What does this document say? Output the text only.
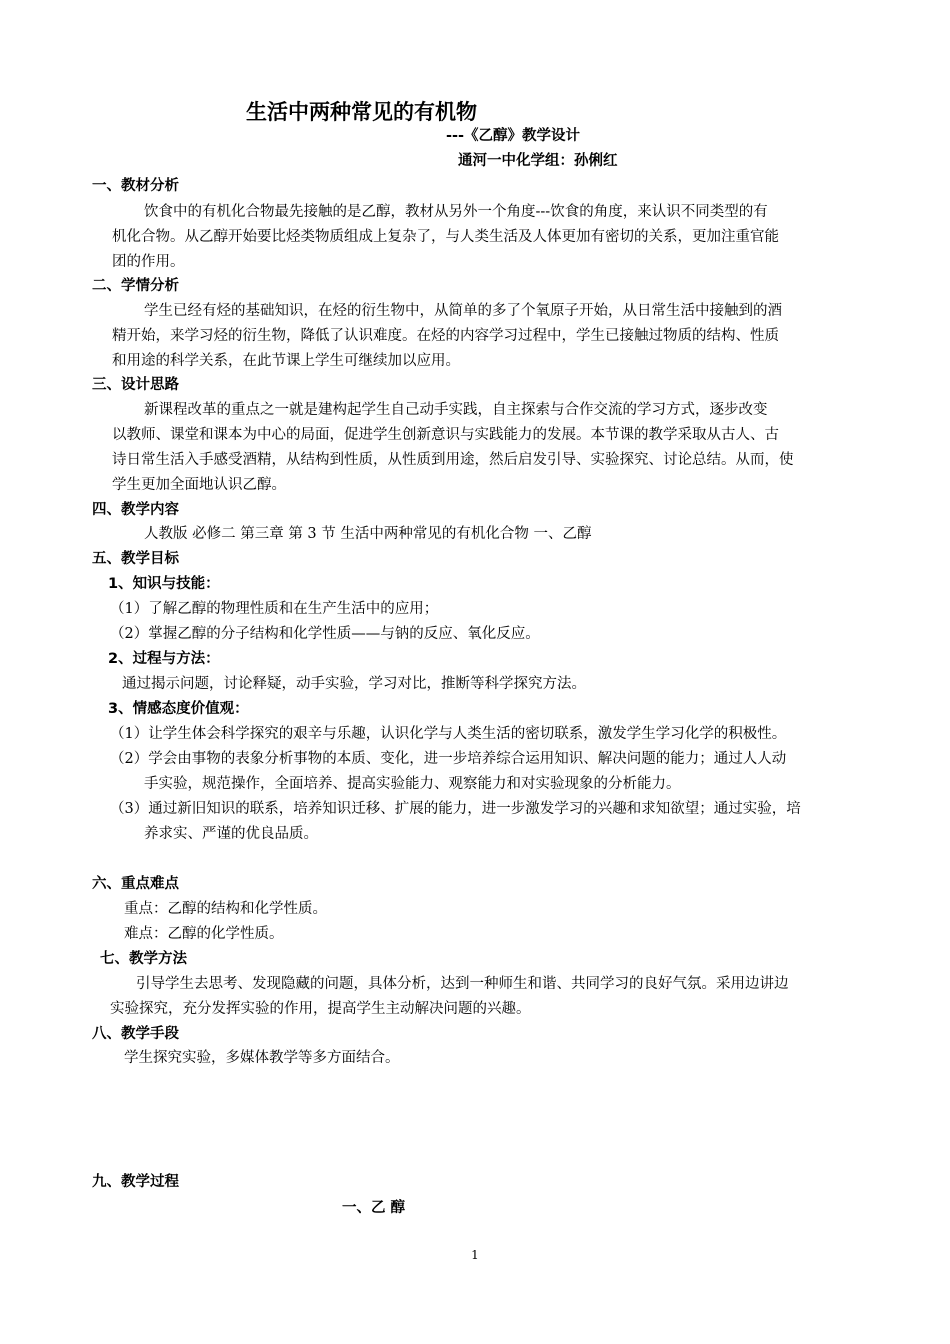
生活中两种常见的有机物
---《乙醇》教学设计
通河一中化学组：孙俐红
一、教材分析
饮食中的有机化合物最先接触的是乙醇，教材从另外一个角度---饮食的角度，来认识不同类型的有
机化合物。从乙醇开始要比烃类物质组成上复杂了，与人类生活及人体更加有密切的关系，更加注重官能
团的作用。
二、学情分析
学生已经有烃的基础知识，在烃的衍生物中，从简单的多了个氧原子开始，从日常生活中接触到的酒
精开始，来学习烃的衍生物，降低了认识难度。在烃的内容学习过程中，学生已接触过物质的结构、性质
和用途的科学关系，在此节课上学生可继续加以应用。
三、设计思路
新课程改革的重点之一就是建构起学生自己动手实践，自主探索与合作交流的学习方式，逐步改变
以教师、课堂和课本为中心的局面，促进学生创新意识与实践能力的发展。本节课的教学采取从古人、古
诗日常生活入手感受酒精，从结构到性质，从性质到用途，然后启发引导、实验探究、讨论总结。从而，使
学生更加全面地认识乙醇。
四、教学内容
人教版 必修二 第三章 第 3 节 生活中两种常见的有机化合物 一、乙醇
五、教学目标
1、知识与技能：
（1）了解乙醇的物理性质和在生产生活中的应用；
（2）掌握乙醇的分子结构和化学性质——与钠的反应、氧化反应。
2、过程与方法：
通过揭示问题，讨论释疑，动手实验，学习对比，推断等科学探究方法。
3、情感态度价值观：
（1）让学生体会科学探究的艰辛与乐趣，认识化学与人类生活的密切联系，激发学生学习化学的积极性。
（2）学会由事物的表象分析事物的本质、变化，进一步培养综合运用知识、解决问题的能力；通过人人动
手实验，规范操作，全面培养、提高实验能力、观察能力和对实验现象的分析能力。
（3）通过新旧知识的联系，培养知识迁移、扩展的能力，进一步激发学习的兴趣和求知欲望；通过实验，培
养求实、严谨的优良品质。
六、重点难点
重点：乙醇的结构和化学性质。
难点：乙醇的化学性质。
七、教学方法
引导学生去思考、发现隐藏的问题，具体分析，达到一种师生和谐、共同学习的良好气氛。采用边讲边
实验探究，充分发挥实验的作用，提高学生主动解决问题的兴趣。
八、教学手段
学生探究实验，多媒体教学等多方面结合。
九、教学过程
一、乙 醇
1
